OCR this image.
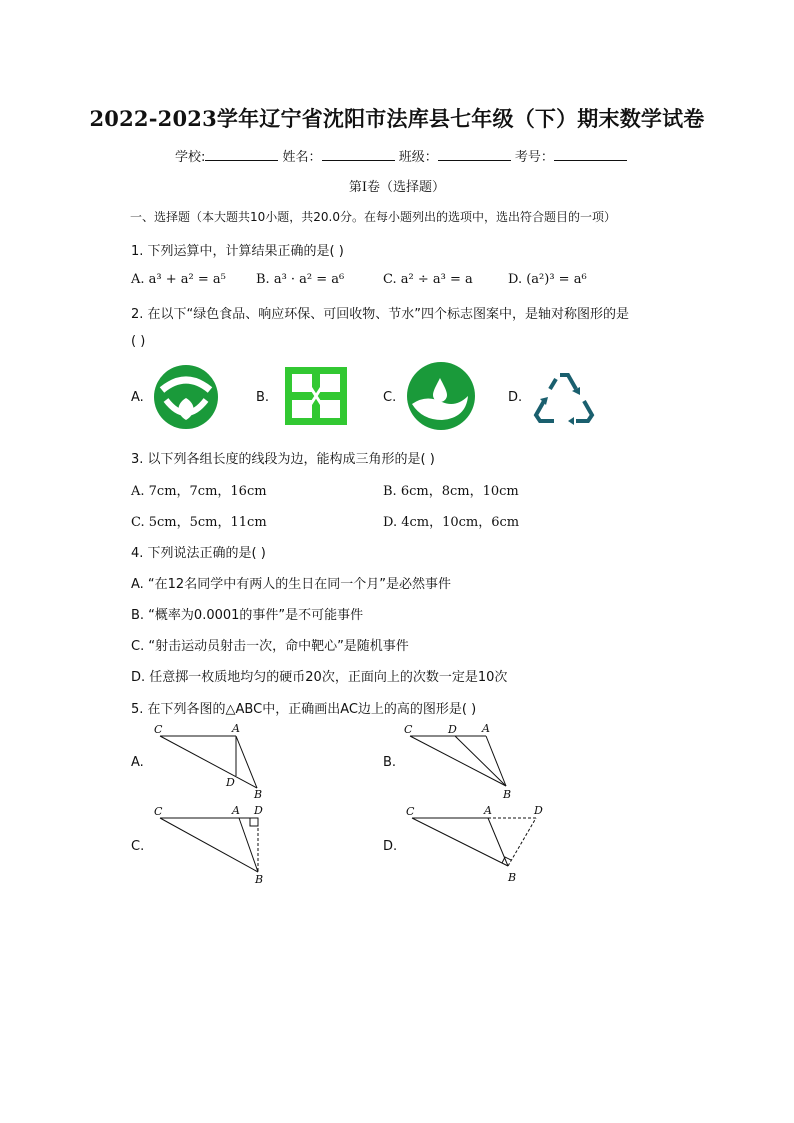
2022-2023学年辽宁省沈阳市法库县七年级（下）期末数学试卷
学校:	姓名：	班级：	考号：
第I卷（选择题）
一、选择题（本大题共10小题，共20.0分。在每小题列出的选项中，选出符合题目的一项）
1. 下列运算中，计算结果正确的是( )
A. a³ + a² = a⁵ B. a³ · a² = a⁶	C. a² ÷ a³ = a	D. (a²)³ = a⁶
2. 在以下“绿色食品、响应环保、可回收物、节水”四个标志图案中，是轴对称图形的是
( )
A.	B.	C.	D.
3. 以下列各组长度的线段为边，能构成三角形的是( )
A. 7cm，7cm，16cm	B. 6cm，8cm，10cm
C. 5cm，5cm，11cm	D. 4cm，10cm，6cm
4. 下列说法正确的是( )
A. “在12名同学中有两人的生日在同一个月”是必然事件
B. “概率为0.0001的事件”是不可能事件
C. “射击运动员射击一次，命中靶心”是随机事件
D. 任意掷一枚质地均匀的硬币20次，正面向上的次数一定是10次
5. 在下列各图的△ABC中，正确画出AC边上的高的图形是( )
A.
C	A
D
B
B.
C	D A
B
C.
C	A D
B
D.
C	A	D
B
